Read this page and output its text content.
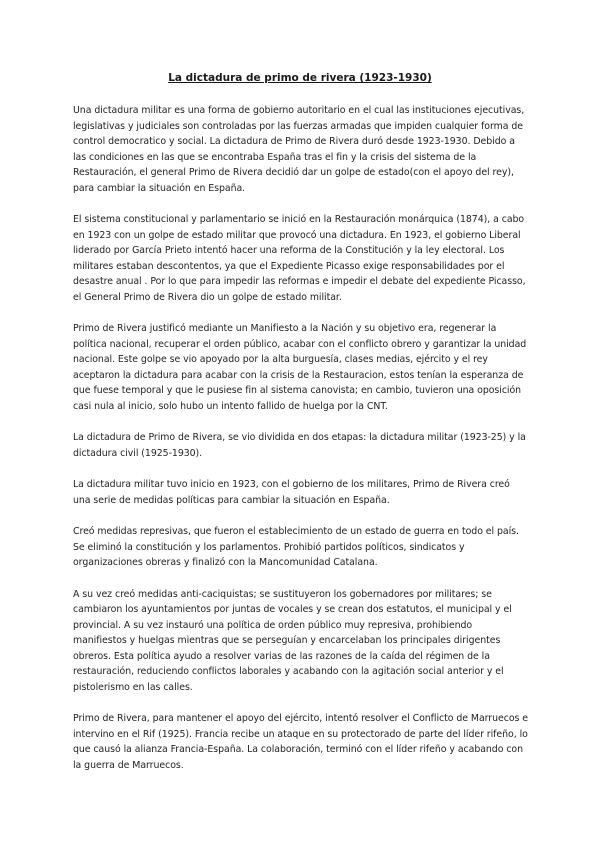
La dictadura de primo de rivera (1923-1930)

Una dictadura militar es una forma de gobierno autoritario en el cual las instituciones ejecutivas, legislativas y judiciales son controladas por las fuerzas armadas que impiden cualquier forma de control democratico y social. La dictadura de Primo de Rivera duró desde 1923-1930. Debido a las condiciones en las que se encontraba España tras el fin y la crisis del sistema de la Restauración, el general Primo de Rivera decidió dar un golpe de estado(con el apoyo del rey), para cambiar la situación en España.

El sistema constitucional y parlamentario se inició en la Restauración monárquica (1874), a cabo en 1923 con un golpe de estado militar que provocó una dictadura. En 1923, el gobierno Liberal liderado por García Prieto intentó hacer una reforma de la Constitución y la ley electoral. Los militares estaban descontentos, ya que el Expediente Picasso exige responsabilidades por el desastre anual . Por lo que para impedir las reformas e impedir el debate del expediente Picasso, el General Primo de Rivera dio un golpe de estado militar.

Primo de Rivera justificó mediante un Manifiesto a la Nación y su objetivo era, regenerar la política nacional, recuperar el orden público, acabar con el conflicto obrero y garantizar la unidad nacional. Este golpe se vio apoyado por la alta burguesía, clases medias, ejército y el rey aceptaron la dictadura para acabar con la crisis de la Restauracion, estos tenían la esperanza de que fuese temporal y que le pusiese fin al sistema canovista; en cambio, tuvieron una oposición casi nula al inicio, solo hubo un intento fallido de huelga por la CNT.

La dictadura de Primo de Rivera, se vio dividida en dos etapas: la dictadura militar (1923-25) y la dictadura civil (1925-1930).

La dictadura militar tuvo inicio en 1923, con el gobierno de los militares, Primo de Rivera creó una serie de medidas políticas para cambiar la situación en España.

Creó medidas represivas, que fueron el establecimiento de un estado de guerra en todo el país. Se eliminó la constitución y los parlamentos. Prohibió partidos políticos, sindicatos y organizaciones obreras y finalizó con la Mancomunidad Catalana.

A su vez creó medidas anti-caciquistas; se sustituyeron los gobernadores por militares; se cambiaron los ayuntamientos por juntas de vocales y se crean dos estatutos, el municipal y el provincial. A su vez instauró una política de orden público muy represiva, prohibiendo manifiestos y huelgas mientras que se perseguían y encarcelaban los principales dirigentes obreros. Esta política ayudo a resolver varias de las razones de la caída del régimen de la restauración, reduciendo conflictos laborales y acabando con la agitación social anterior y el pistolerismo en las calles.

Primo de Rivera, para mantener el apoyo del ejército, intentó resolver el Conflicto de Marruecos e intervino en el Rif (1925). Francia recibe un ataque en su protectorado de parte del líder rifeño, lo que causó la alianza Francia-España. La colaboración, terminó con el líder rifeño y acabando con la guerra de Marruecos.
